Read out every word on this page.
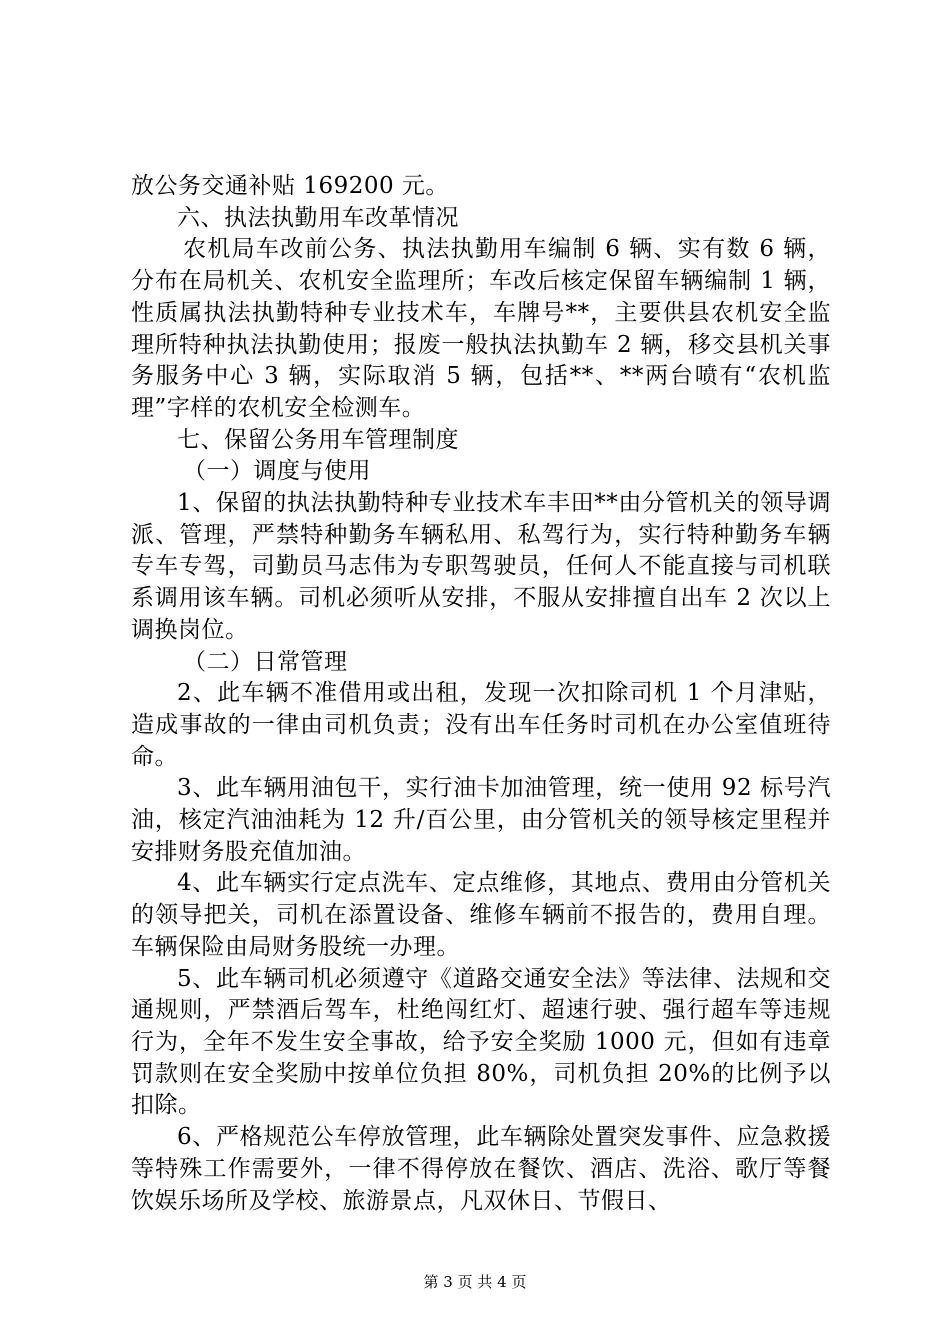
放公务交通补贴 169200 元。

六、执法执勤用车改革情况

农机局车改前公务、执法执勤用车编制 6 辆、实有数 6 辆，分布在局机关、农机安全监理所；车改后核定保留车辆编制 1 辆，性质属执法执勤特种专业技术车，车牌号**，主要供县农机安全监理所特种执法执勤使用；报废一般执法执勤车 2 辆，移交县机关事务服务中心 3 辆，实际取消 5 辆，包括**、**两台喷有“农机监理”字样的农机安全检测车。

七、保留公务用车管理制度

（一）调度与使用

1、保留的执法执勤特种专业技术车丰田**由分管机关的领导调派、管理，严禁特种勤务车辆私用、私驾行为，实行特种勤务车辆专车专驾，司勤员马志伟为专职驾驶员，任何人不能直接与司机联系调用该车辆。司机必须听从安排，不服从安排擅自出车 2 次以上调换岗位。

（二）日常管理

2、此车辆不准借用或出租，发现一次扣除司机 1 个月津贴，造成事故的一律由司机负责；没有出车任务时司机在办公室值班待命。

3、此车辆用油包干，实行油卡加油管理，统一使用 92 标号汽油，核定汽油油耗为 12 升/百公里，由分管机关的领导核定里程并安排财务股充值加油。

4、此车辆实行定点洗车、定点维修，其地点、费用由分管机关的领导把关，司机在添置设备、维修车辆前不报告的，费用自理。车辆保险由局财务股统一办理。

5、此车辆司机必须遵守《道路交通安全法》等法律、法规和交通规则，严禁酒后驾车，杜绝闯红灯、超速行驶、强行超车等违规行为，全年不发生安全事故，给予安全奖励 1000 元，但如有违章罚款则在安全奖励中按单位负担 80%，司机负担 20%的比例予以扣除。

6、严格规范公车停放管理，此车辆除处置突发事件、应急救援等特殊工作需要外，一律不得停放在餐饮、酒店、洗浴、歌厅等餐饮娱乐场所及学校、旅游景点，凡双休日、节假日、

第 3 页 共 4 页
